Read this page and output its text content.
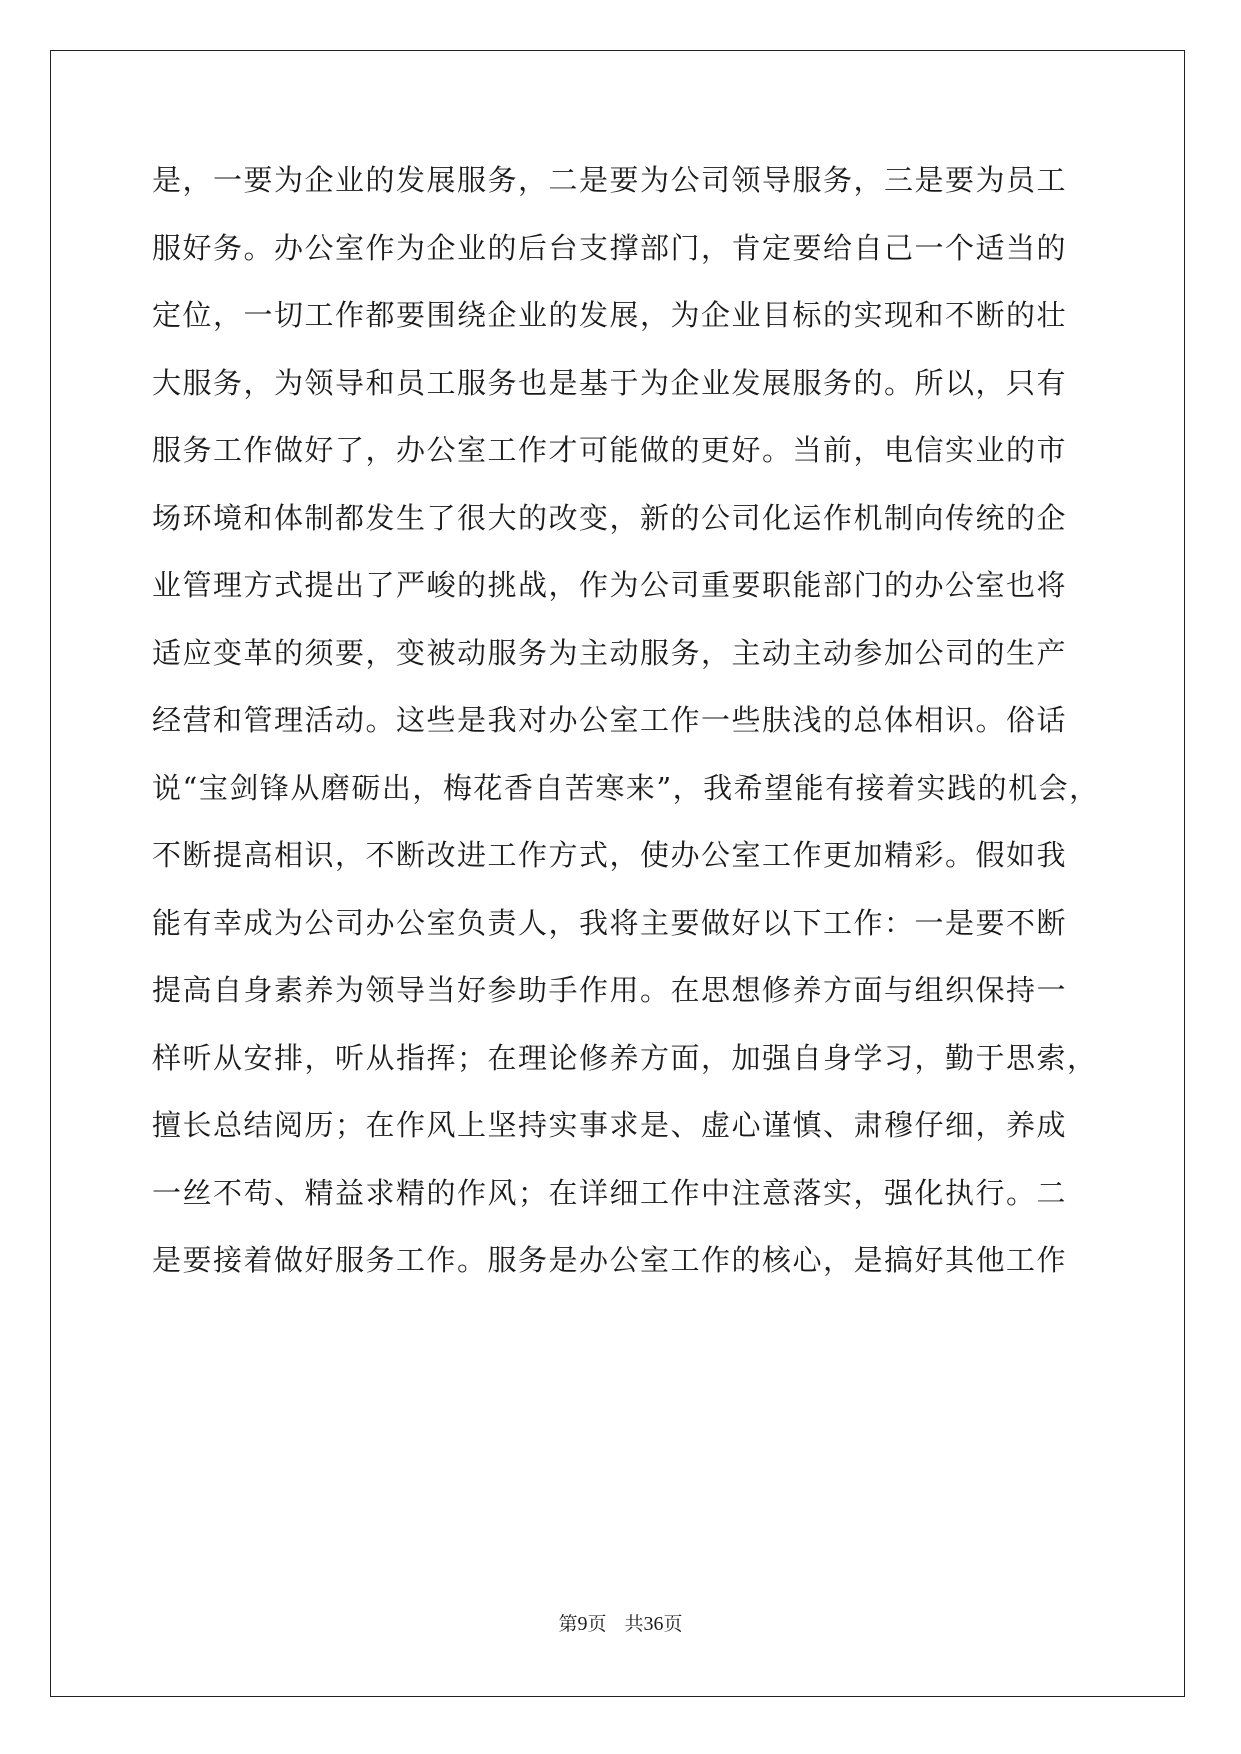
是，一要为企业的发展服务，二是要为公司领导服务，三是要为员工
服好务。办公室作为企业的后台支撑部门，肯定要给自己一个适当的
定位，一切工作都要围绕企业的发展，为企业目标的实现和不断的壮
大服务，为领导和员工服务也是基于为企业发展服务的。所以，只有
服务工作做好了，办公室工作才可能做的更好。当前，电信实业的市
场环境和体制都发生了很大的改变，新的公司化运作机制向传统的企
业管理方式提出了严峻的挑战，作为公司重要职能部门的办公室也将
适应变革的须要，变被动服务为主动服务，主动主动参加公司的生产
经营和管理活动。这些是我对办公室工作一些肤浅的总体相识。俗话
说“宝剑锋从磨砺出，梅花香自苦寒来”，我希望能有接着实践的机会，
不断提高相识，不断改进工作方式，使办公室工作更加精彩。假如我
能有幸成为公司办公室负责人，我将主要做好以下工作：一是要不断
提高自身素养为领导当好参助手作用。在思想修养方面与组织保持一
样听从安排，听从指挥；在理论修养方面，加强自身学习，勤于思索，
擅长总结阅历；在作风上坚持实事求是、虚心谨慎、肃穆仔细，养成
一丝不苟、精益求精的作风；在详细工作中注意落实，强化执行。二
是要接着做好服务工作。服务是办公室工作的核心，是搞好其他工作
第9页 共36页
